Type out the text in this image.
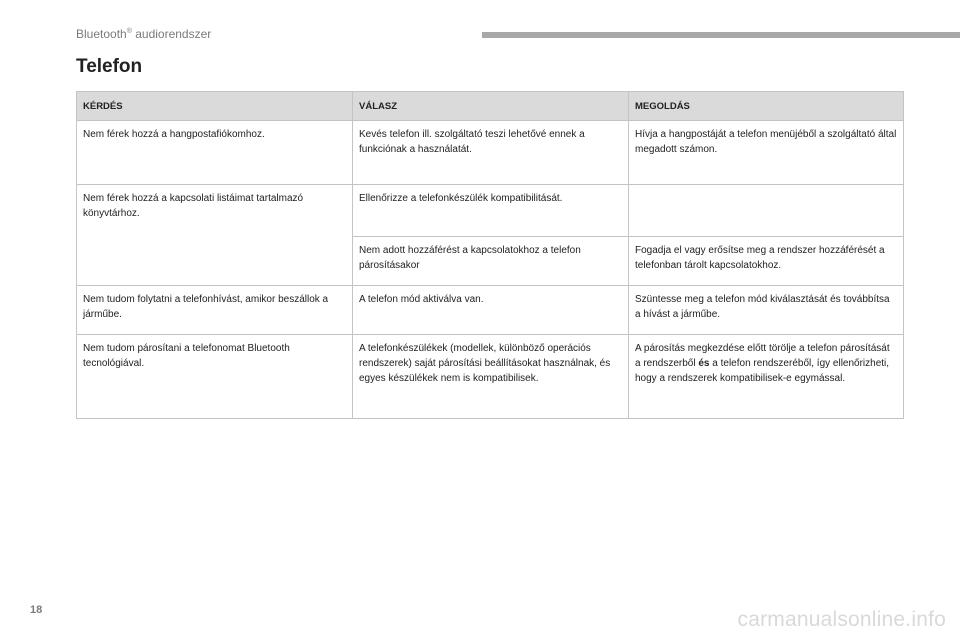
Bluetooth® audiorendszer
Telefon
KÉRDÉS	VÁLASZ	MEGOLDÁS

Nem férek hozzá a hangpostafiókomhoz.	Kevés telefon ill. szolgáltató teszi lehetővé ennek a funkciónak a használatát.	Hívja a hangpostáját a telefon menüjéből a szolgáltató által megadott számon.

Nem férek hozzá a kapcsolati listáimat tartalmazó könyvtárhoz.	Ellenőrizze a telefonkészülék kompatibilitását.	

	Nem adott hozzáférést a kapcsolatokhoz a telefon párosításakor	Fogadja el vagy erősítse meg a rendszer hozzáférését a telefonban tárolt kapcsolatokhoz.

Nem tudom folytatni a telefonhívást, amikor beszállok a járműbe.	A telefon mód aktiválva van.	Szüntesse meg a telefon mód kiválasztását és továbbítsa a hívást a járműbe.

Nem tudom párosítani a telefonomat Bluetooth tecnológiával.	A telefonkészülékek (modellek, különböző operációs rendszerek) saját párosítási beállításokat használnak, és egyes készülékek nem is kompatibilisek.	A párosítás megkezdése előtt törölje a telefon párosítását a rendszerből és a telefon rendszeréből, így ellenőrizheti, hogy a rendszerek kompatibilisek-e egymással.
18	carmanualsonline.info
